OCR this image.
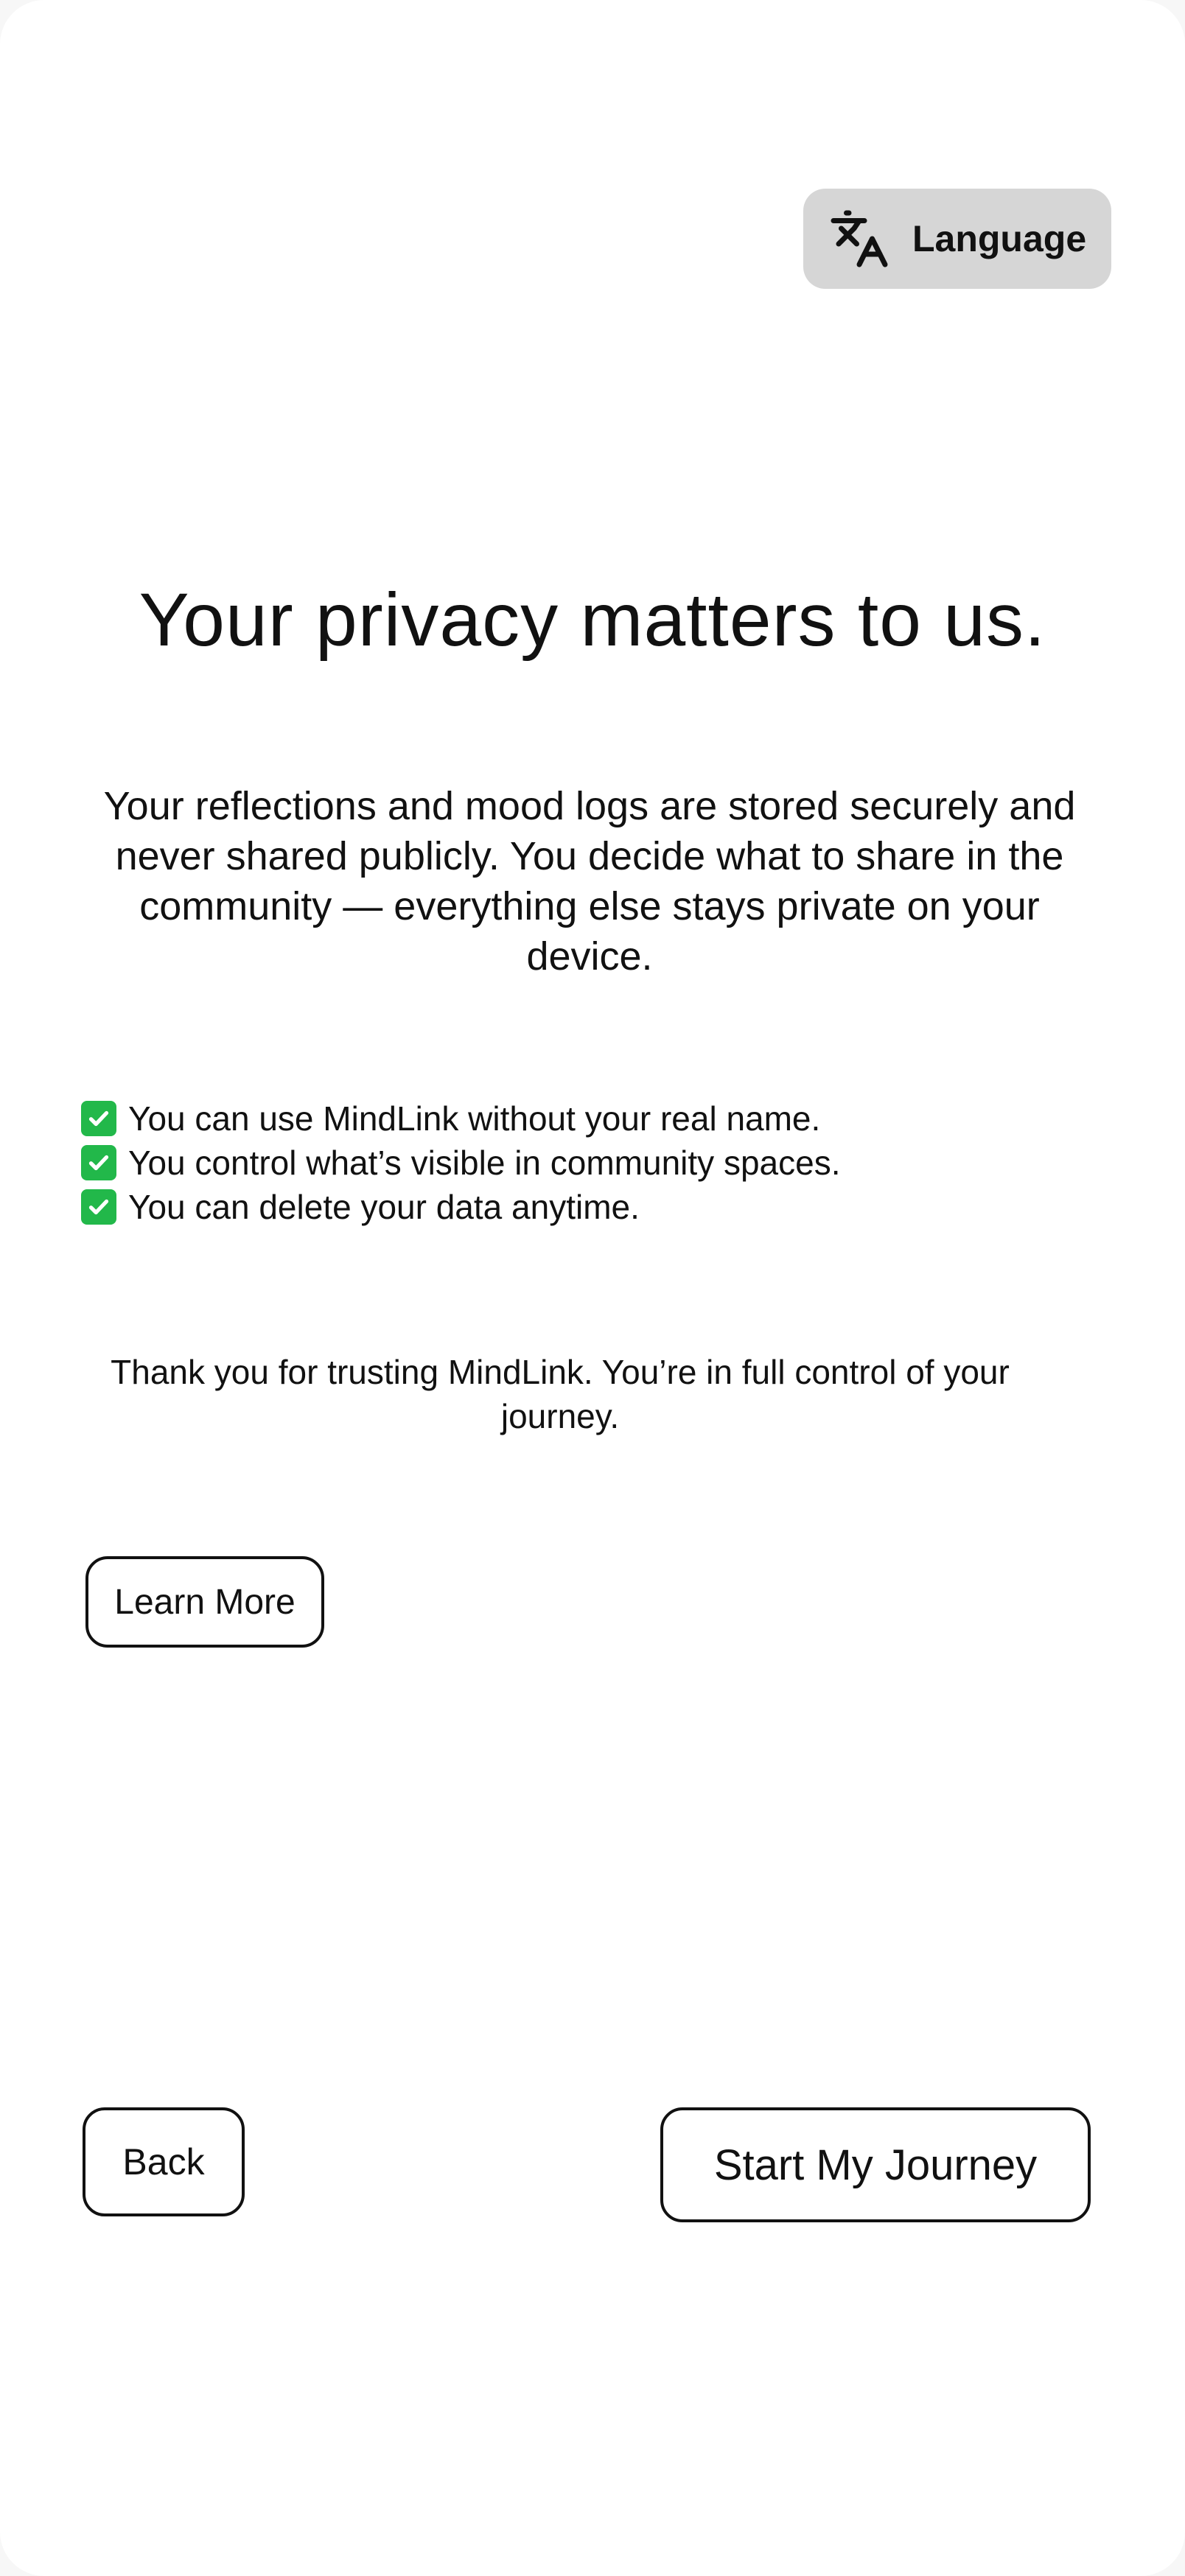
Language
Your privacy matters to us.

Your reflections and mood logs are stored securely and never shared publicly. You decide what to share in the community — everything else stays private on your device.

You can use MindLink without your real name.
You control what’s visible in community spaces.
You can delete your data anytime.

Thank you for trusting MindLink. You’re in full control of your journey.

Learn More
Back	Start My Journey
